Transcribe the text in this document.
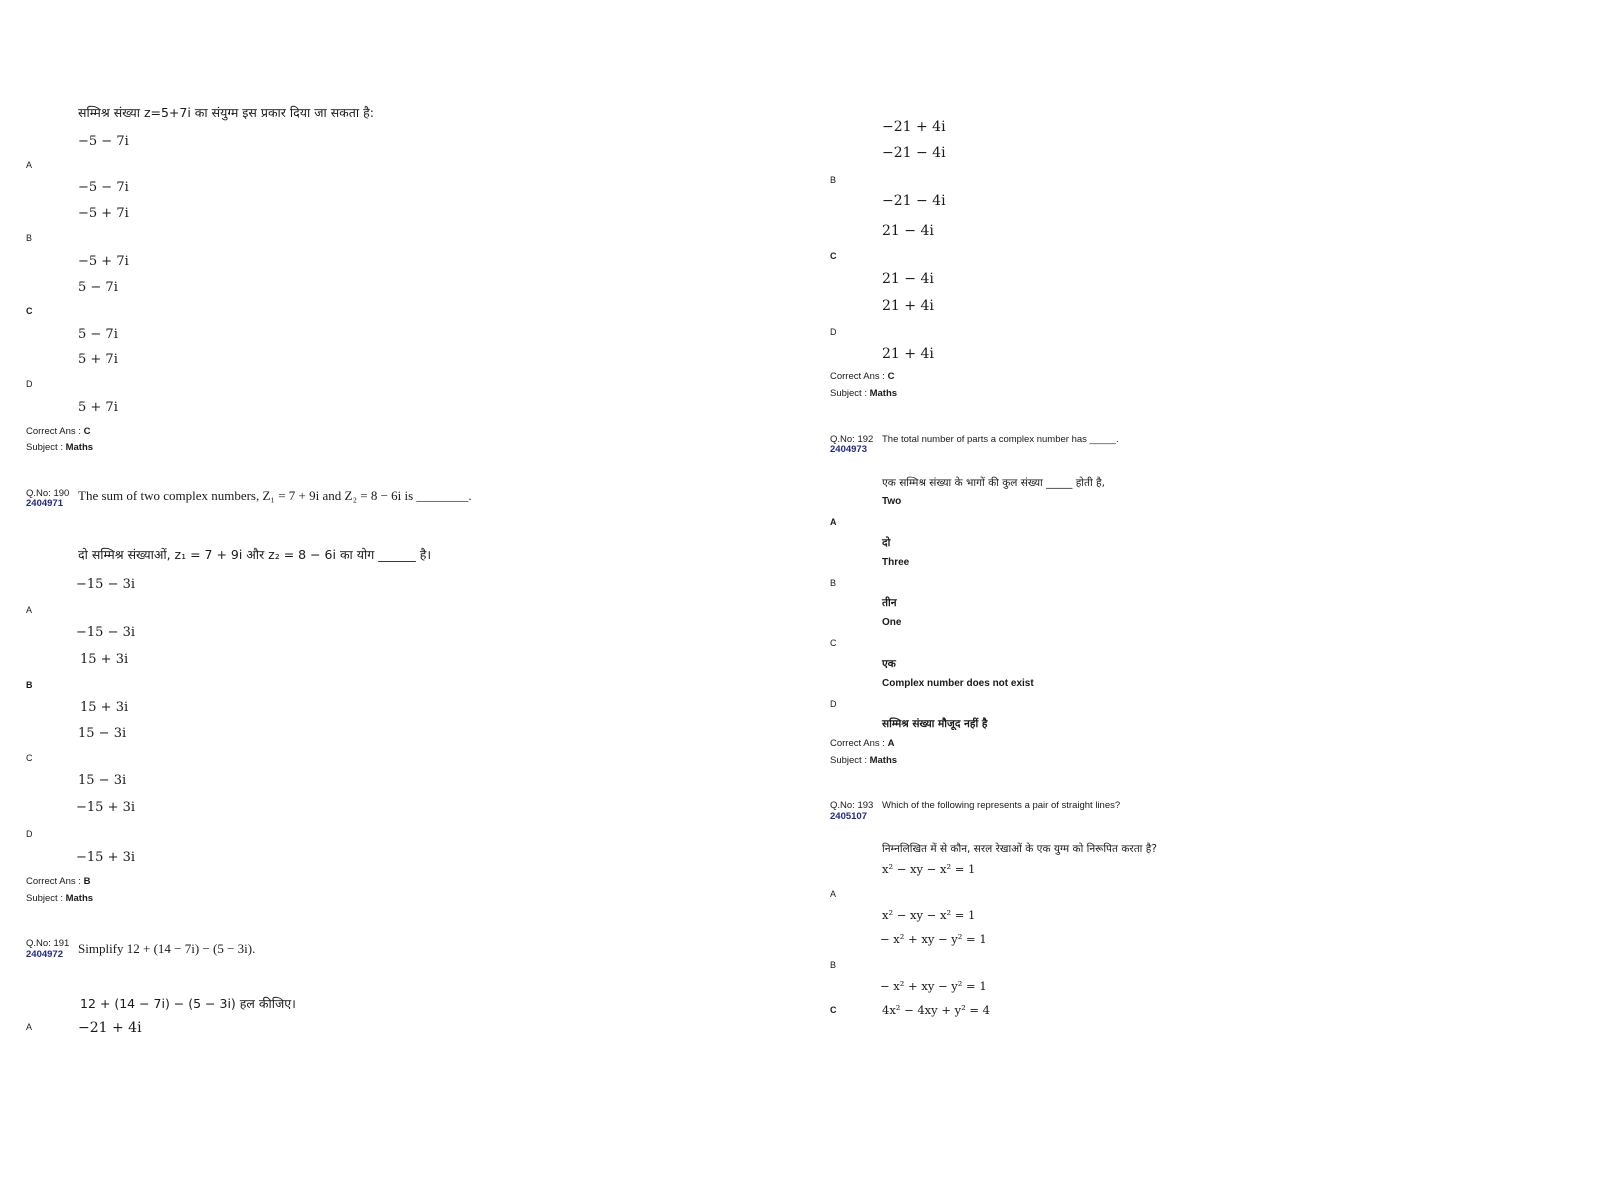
सम्मिश्र संख्या z=5+7i का संयुग्म इस प्रकार दिया जा सकता है:
−5 − 7i
A
−5 − 7i
−5 + 7i
B
−5 + 7i
5 − 7i
C
5 − 7i
5 + 7i
D
5 + 7i
Correct Ans : C
Subject : Maths
Q.No: 190
2404971
The sum of two complex numbers, Z₁ = 7 + 9i and Z₂ = 8 − 6i is ________.
दो सम्मिश्र संख्याओं, z₁ = 7 + 9i और z₂ = 8 − 6i का योग ______ है।
−15 − 3i
A
−15 − 3i
15 + 3i
B
15 + 3i
15 − 3i
C
15 − 3i
−15 + 3i
D
−15 + 3i
Correct Ans : B
Subject : Maths
Q.No: 191
2404972 Simplify 12 + (14 − 7i) − (5 − 3i).
12 + (14 − 7i) − (5 − 3i) हल कीजिए।
A	−21 + 4i
−21 + 4i
−21 − 4i
B
−21 − 4i
21 − 4i
C
21 − 4i
21 + 4i
D
21 + 4i
Correct Ans : C
Subject : Maths
Q.No: 192
2404973
The total number of parts a complex number has _____.
एक सम्मिश्र संख्या के भागों की कुल संख्या _____ होती है,
Two
A
दो
Three
B
तीन
One
C
एक
Complex number does not exist
D
सम्मिश्र संख्या मौजूद नहीं है
Correct Ans : A
Subject : Maths
Q.No: 193
2405107
Which of the following represents a pair of straight lines?
निम्नलिखित में से कौन, सरल रेखाओं के एक युग्म को निरूपित करता है?
x² − xy − x² = 1
A
x² − xy − x² = 1
− x² + xy − y² = 1
B
− x² + xy − y² = 1
C	4x² − 4xy + y² = 4
